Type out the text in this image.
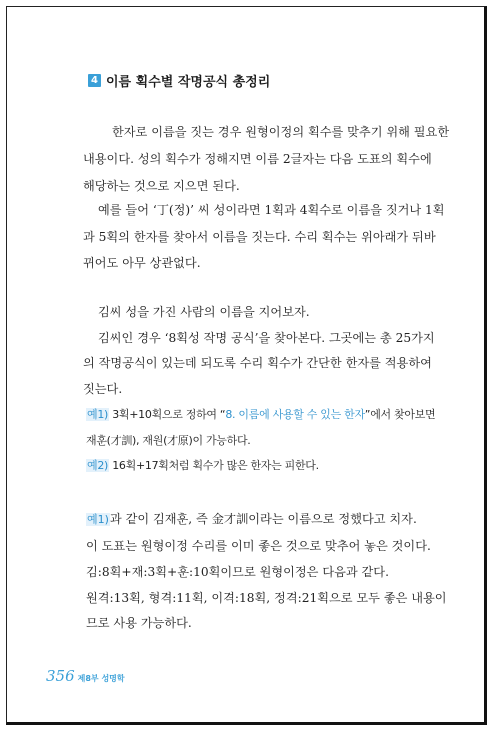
4 이름 획수별 작명공식 총정리
한자로 이름을 짓는 경우 원형이정의 획수를 맞추기 위해 필요한
내용이다. 성의 획수가 정해지면 이름 2글자는 다음 도표의 획수에
해당하는 것으로 지으면 된다.
예를 들어 ‘丁(정)’ 씨 성이라면 1획과 4획수로 이름을 짓거나 1획
과 5획의 한자를 찾아서 이름을 짓는다. 수리 획수는 위아래가 뒤바
뀌어도 아무 상관없다.
김씨 성을 가진 사람의 이름을 지어보자.
김씨인 경우 ‘8획성 작명 공식’을 찾아본다. 그곳에는 총 25가지
의 작명공식이 있는데 되도록 수리 획수가 간단한 한자를 적용하여
짓는다.
예1) 3획+10획으로 정하여 “8. 이름에 사용할 수 있는 한자”에서 찾아보면
재훈(才訓), 재원(才原)이 가능하다.
예2) 16획+17획처럼 획수가 많은 한자는 피한다.
예1)과 같이 김재훈, 즉 金才訓이라는 이름으로 정했다고 치자.
이 도표는 원형이정 수리를 이미 좋은 것으로 맞추어 놓은 것이다.
김:8획+재:3획+훈:10획이므로 원형이정은 다음과 같다.
원격:13획, 형격:11획, 이격:18획, 정격:21획으로 모두 좋은 내용이
므로 사용 가능하다.
356 제8부 성명학
